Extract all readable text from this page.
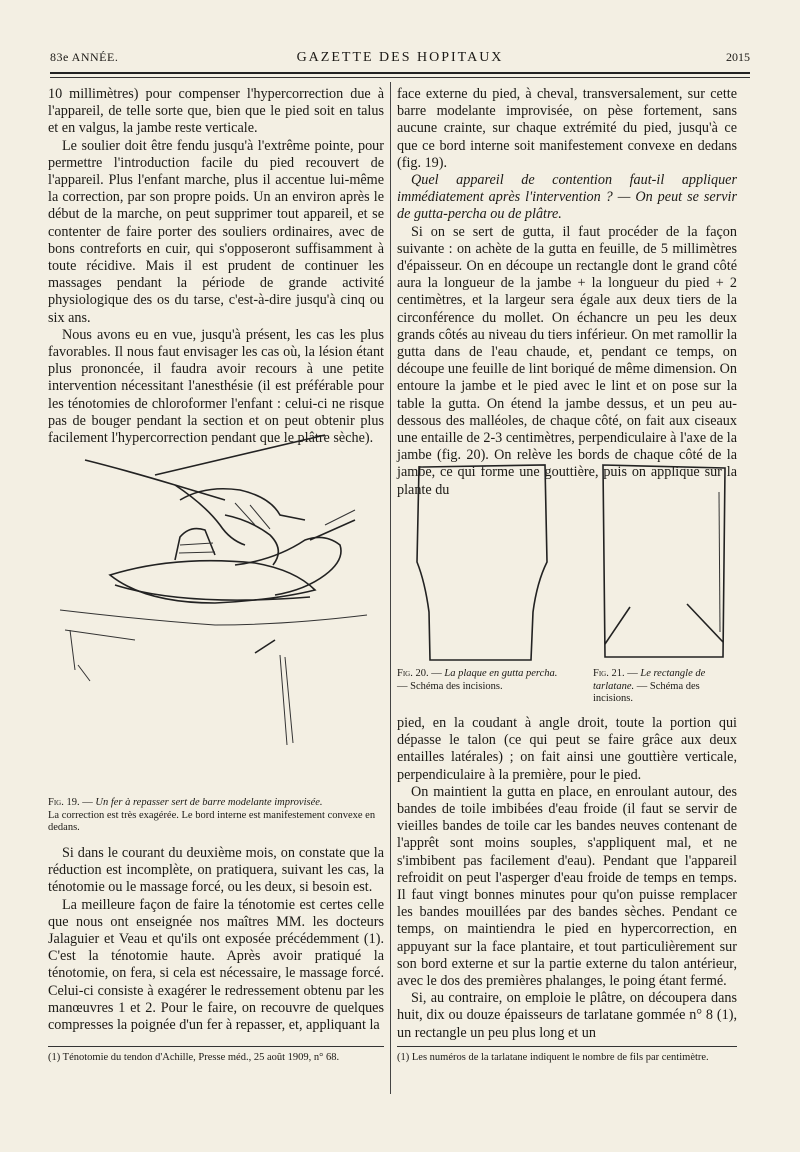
83e ANNÉE.	GAZETTE DES HOPITAUX	2015

10 millimètres) pour compenser l'hypercorrection due à l'appareil, de telle sorte que, bien que le pied soit en talus et en valgus, la jambe reste verticale.

Le soulier doit être fendu jusqu'à l'extrême pointe, pour permettre l'introduction facile du pied recouvert de l'appareil. Plus l'enfant marche, plus il accentue lui-même la correction, par son propre poids. Un an environ après le début de la marche, on peut supprimer tout appareil, et se contenter de faire porter des souliers ordinaires, avec de bons contreforts en cuir, qui s'opposeront suffisamment à toute récidive. Mais il est prudent de continuer les massages pendant la période de grande activité physiologique des os du tarse, c'est-à-dire jusqu'à cinq ou six ans.

Nous avons eu en vue, jusqu'à présent, les cas les plus favorables. Il nous faut envisager les cas où, la lésion étant plus prononcée, il faudra avoir recours à une petite intervention nécessitant l'anesthésie (il est préférable pour les ténotomies de chloroformer l'enfant : celui-ci ne risque pas de bouger pendant la section et on peut obtenir plus facilement l'hypercorrection pendant que le plâtre sèche).

Fig. 19. — Un fer à repasser sert de barre modelante improvisée.
La correction est très exagérée. Le bord interne est manifestement convexe en dedans.

Si dans le courant du deuxième mois, on constate que la réduction est incomplète, on pratiquera, suivant les cas, la ténotomie ou le massage forcé, ou les deux, si besoin est.

La meilleure façon de faire la ténotomie est certes celle que nous ont enseignée nos maîtres MM. les docteurs Jalaguier et Veau et qu'ils ont exposée précédemment (1). C'est la ténotomie haute. Après avoir pratiqué la ténotomie, on fera, si cela est nécessaire, le massage forcé. Celui-ci consiste à exagérer le redressement obtenu par les manœuvres 1 et 2. Pour le faire, on recouvre de quelques compresses la poignée d'un fer à repasser, et, appliquant la

face externe du pied, à cheval, transversalement, sur cette barre modelante improvisée, on pèse fortement, sans aucune crainte, sur chaque extrémité du pied, jusqu'à ce que ce bord interne soit manifestement convexe en dedans (fig. 19).

Quel appareil de contention faut-il appliquer immédiatement après l'intervention ? — On peut se servir de gutta-percha ou de plâtre.

Si on se sert de gutta, il faut procéder de la façon suivante : on achète de la gutta en feuille, de 5 millimètres d'épaisseur. On en découpe un rectangle dont le grand côté aura la longueur de la jambe + la longueur du pied + 2 centimètres, et la largeur sera égale aux deux tiers de la circonférence du mollet. On échancre un peu les deux grands côtés au niveau du tiers inférieur. On met ramollir la gutta dans de l'eau chaude, et, pendant ce temps, on découpe une feuille de lint boriqué de même dimension. On entoure la jambe et le pied avec le lint et on pose sur la table la gutta. On étend la jambe dessus, et un peu au-dessous des malléoles, de chaque côté, on fait aux ciseaux une entaille de 2-3 centimètres, perpendiculaire à l'axe de la jambe (fig. 20). On relève les bords de chaque côté de la jambe, ce qui forme une gouttière, puis on applique sur la plante du

Fig. 20. — La plaque en gutta percha. — Schéma des incisions.
Fig. 21. — Le rectangle de tarlatane. — Schéma des incisions.

pied, en la coudant à angle droit, toute la portion qui dépasse le talon (ce qui peut se faire grâce aux deux entailles latérales) ; on fait ainsi une gouttière verticale, perpendiculaire à la première, pour le pied.

On maintient la gutta en place, en enroulant autour, des bandes de toile imbibées d'eau froide (il faut se servir de vieilles bandes de toile car les bandes neuves contenant de l'apprêt sont moins souples, s'appliquent mal, et ne s'imbibent pas facilement d'eau). Pendant que l'appareil refroidit on peut l'asperger d'eau froide de temps en temps. Il faut vingt bonnes minutes pour qu'on puisse remplacer les bandes mouillées par des bandes sèches. Pendant ce temps, on maintiendra le pied en hypercorrection, en appuyant sur la face plantaire, et tout particulièrement sur son bord externe et sur la partie externe du talon antérieur, avec le dos des premières phalanges, le poing étant fermé.

Si, au contraire, on emploie le plâtre, on découpera dans huit, dix ou douze épaisseurs de tarlatane gommée n° 8 (1), un rectangle un peu plus long et un

(1) Ténotomie du tendon d'Achille, Presse méd., 25 août 1909, n° 68.	(1) Les numéros de la tarlatane indiquent le nombre de fils par centimètre.
